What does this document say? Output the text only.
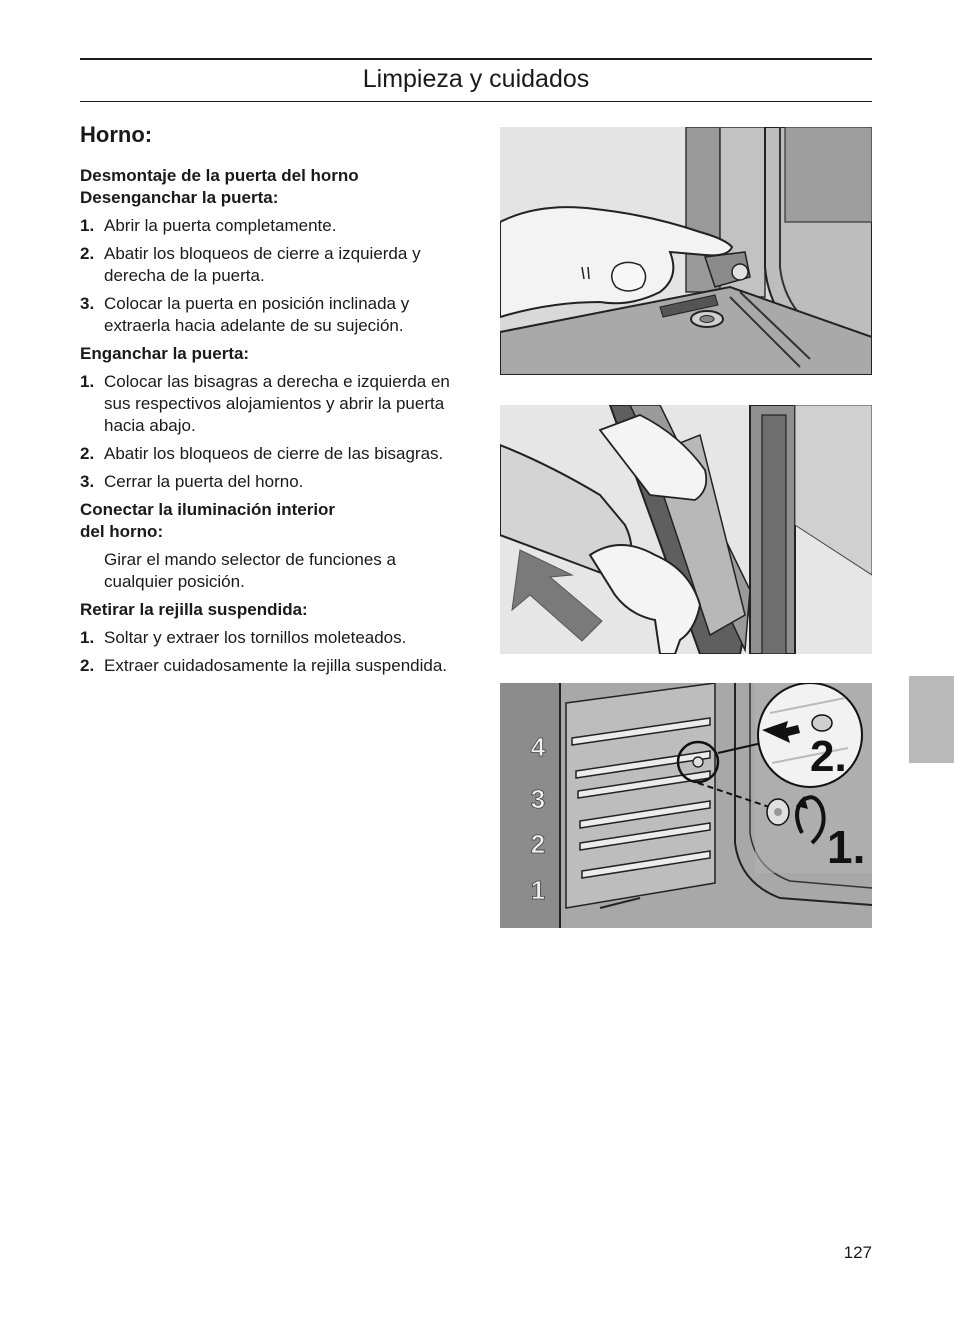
Limpieza y cuidados
Horno:
Desmontaje de la puerta del horno
Desenganchar la puerta:
1. Abrir la puerta completamente.
2. Abatir los bloqueos de cierre a izquierda y derecha de la puerta.
3. Colocar la puerta en posición inclinada y extraerla hacia adelante de su sujeción.
Enganchar la puerta:
1. Colocar las bisagras a derecha e izquierda en sus respectivos alojamientos y abrir la puerta hacia abajo.
2. Abatir los bloqueos de cierre de las bisagras.
3. Cerrar la puerta del horno.
Conectar la iluminación interior
del horno:
Girar el mando selector de funciones a cualquier posición.
Retirar la rejilla suspendida:
1. Soltar y extraer los tornillos moleteados.
2. Extraer cuidadosamente la rejilla suspendida.
4
3
2
1
2.
1.
127
